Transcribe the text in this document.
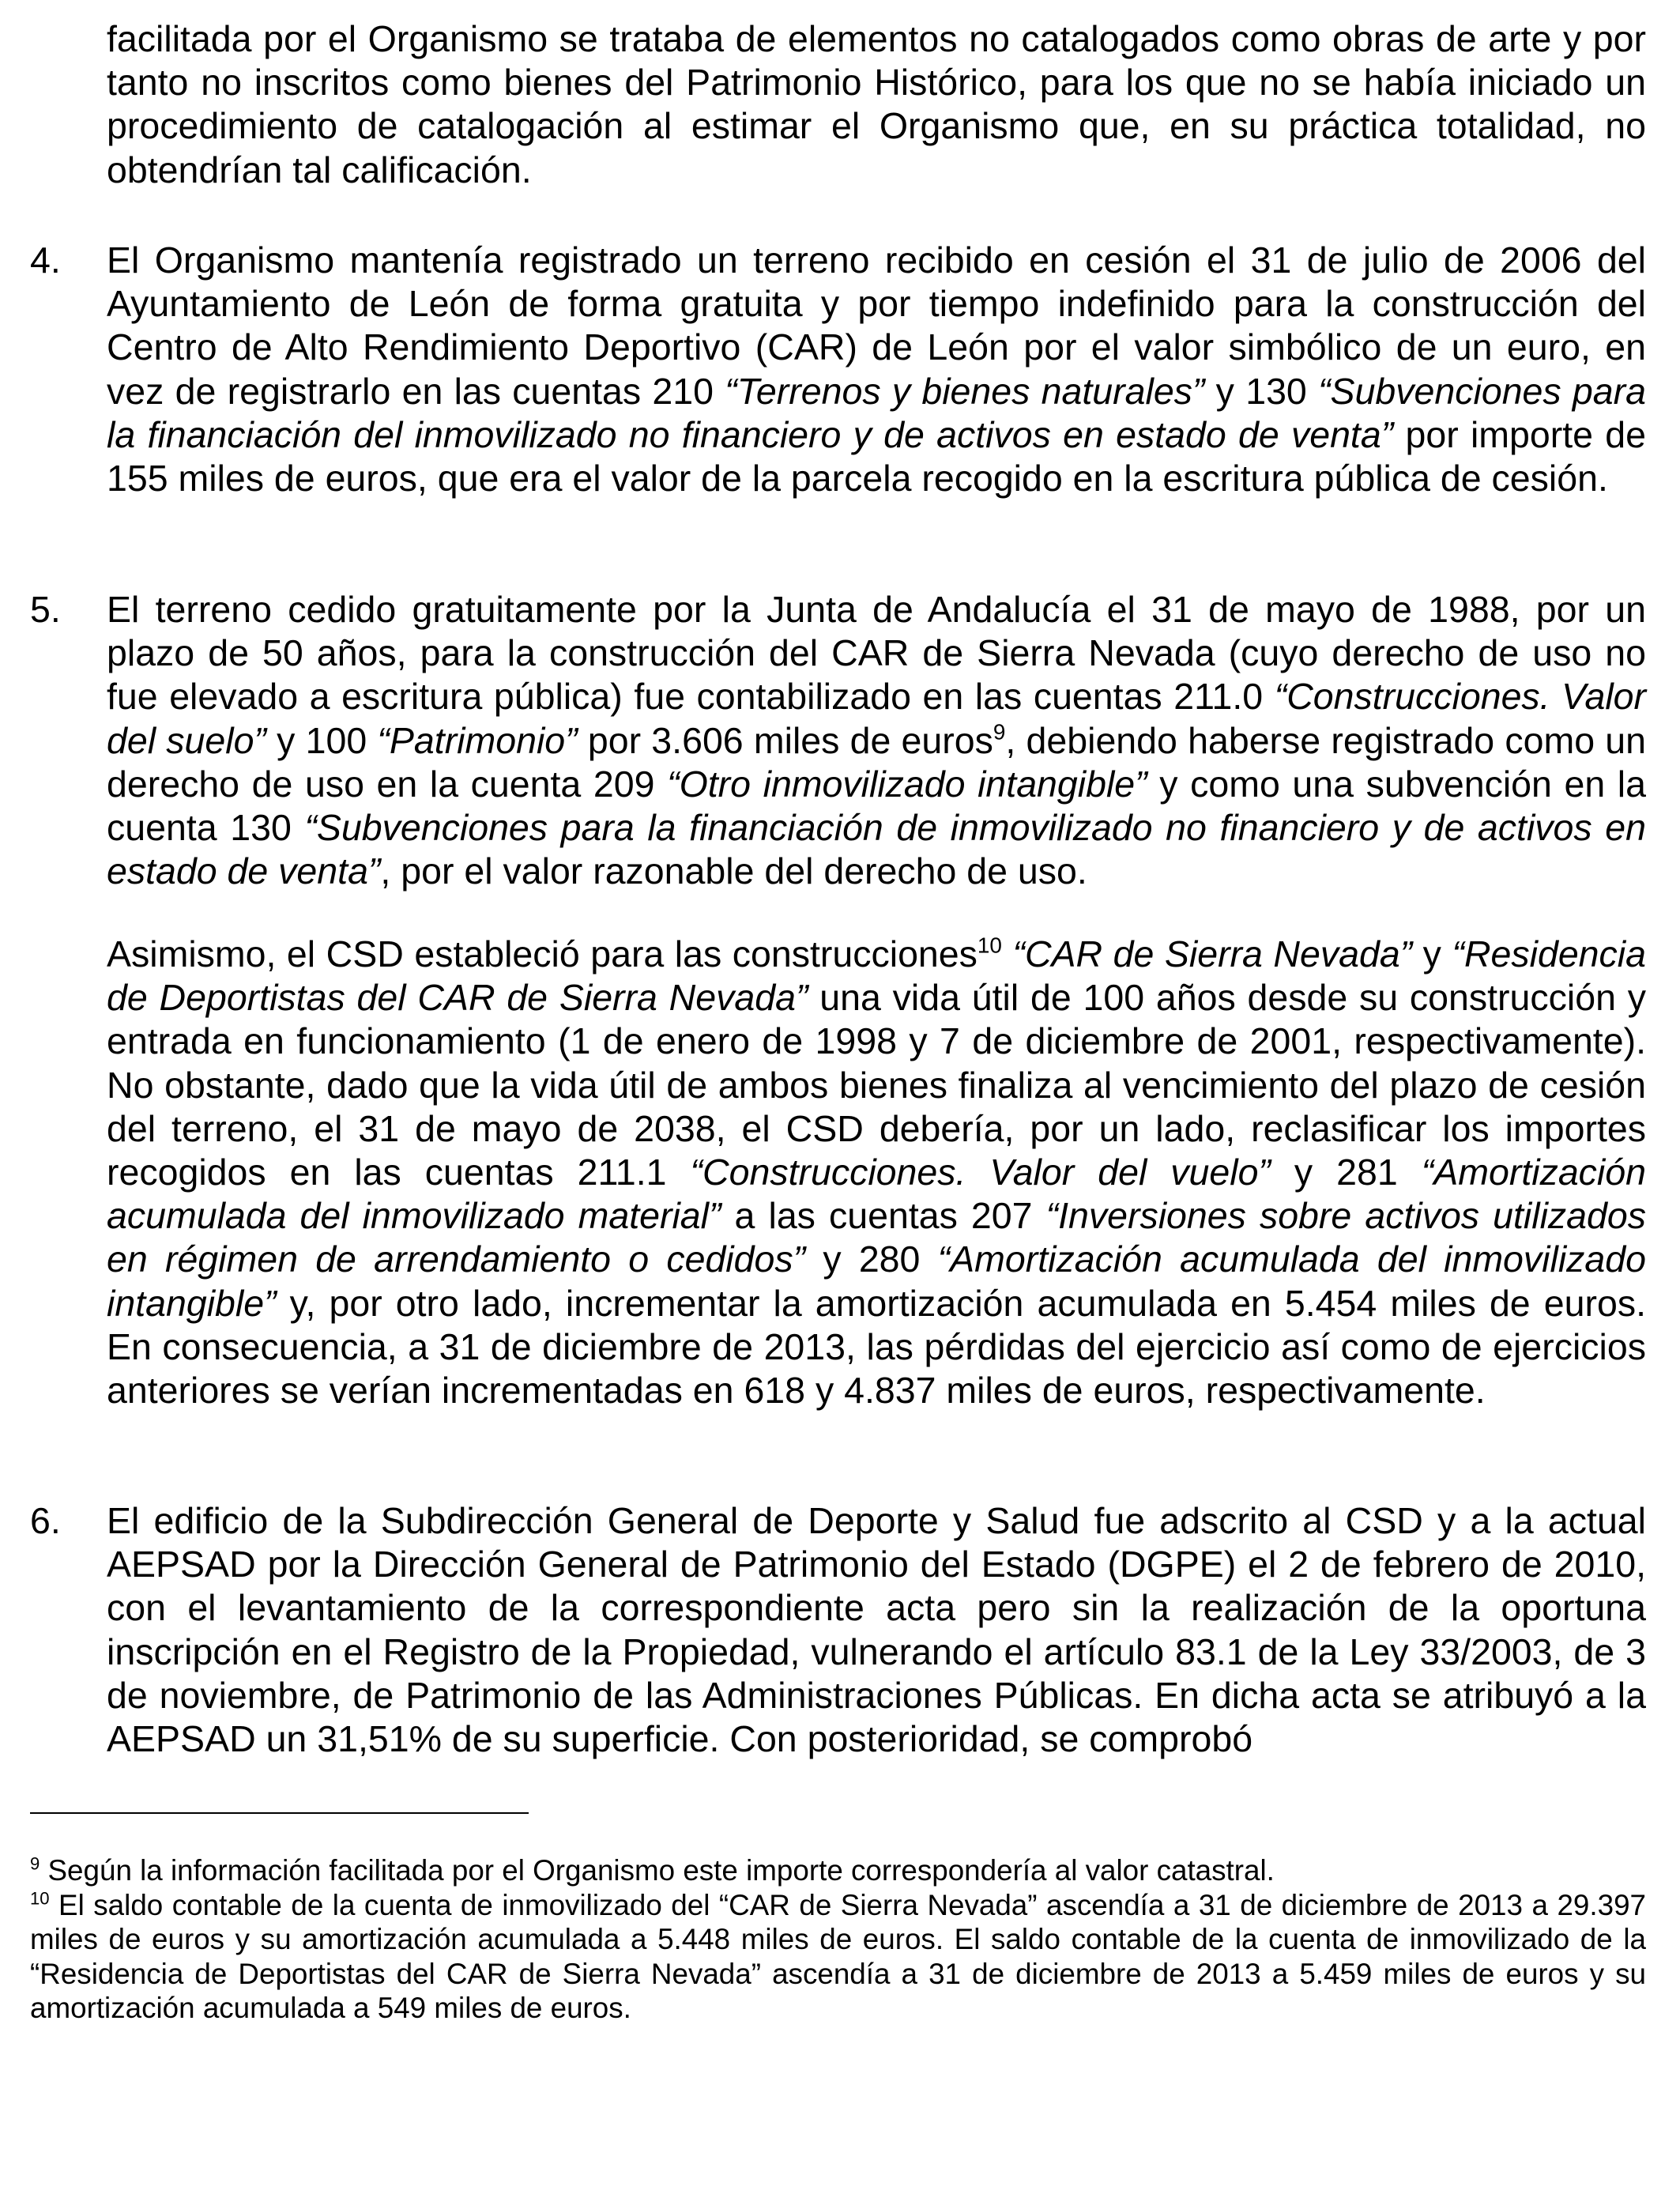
facilitada por el Organismo se trataba de elementos no catalogados como obras de arte y por tanto no inscritos como bienes del Patrimonio Histórico, para los que no se había iniciado un procedimiento de catalogación al estimar el Organismo que, en su práctica totalidad, no obtendrían tal calificación.

4. El Organismo mantenía registrado un terreno recibido en cesión el 31 de julio de 2006 del Ayuntamiento de León de forma gratuita y por tiempo indefinido para la construcción del Centro de Alto Rendimiento Deportivo (CAR) de León por el valor simbólico de un euro, en vez de registrarlo en las cuentas 210 “Terrenos y bienes naturales” y 130 “Subvenciones para la financiación del inmovilizado no financiero y de activos en estado de venta” por importe de 155 miles de euros, que era el valor de la parcela recogido en la escritura pública de cesión.

5. El terreno cedido gratuitamente por la Junta de Andalucía el 31 de mayo de 1988, por un plazo de 50 años, para la construcción del CAR de Sierra Nevada (cuyo derecho de uso no fue elevado a escritura pública) fue contabilizado en las cuentas 211.0 “Construcciones. Valor del suelo” y 100 “Patrimonio” por 3.606 miles de euros$^9$, debiendo haberse registrado como un derecho de uso en la cuenta 209 “Otro inmovilizado intangible” y como una subvención en la cuenta 130 “Subvenciones para la financiación de inmovilizado no financiero y de activos en estado de venta”, por el valor razonable del derecho de uso.

Asimismo, el CSD estableció para las construcciones$^{10}$ “CAR de Sierra Nevada” y “Residencia de Deportistas del CAR de Sierra Nevada” una vida útil de 100 años desde su construcción y entrada en funcionamiento (1 de enero de 1998 y 7 de diciembre de 2001, respectivamente). No obstante, dado que la vida útil de ambos bienes finaliza al vencimiento del plazo de cesión del terreno, el 31 de mayo de 2038, el CSD debería, por un lado, reclasificar los importes recogidos en las cuentas 211.1 “Construcciones. Valor del vuelo” y 281 “Amortización acumulada del inmovilizado material” a las cuentas 207 “Inversiones sobre activos utilizados en régimen de arrendamiento o cedidos” y 280 “Amortización acumulada del inmovilizado intangible” y, por otro lado, incrementar la amortización acumulada en 5.454 miles de euros. En consecuencia, a 31 de diciembre de 2013, las pérdidas del ejercicio así como de ejercicios anteriores se verían incrementadas en 618 y 4.837 miles de euros, respectivamente.

6. El edificio de la Subdirección General de Deporte y Salud fue adscrito al CSD y a la actual AEPSAD por la Dirección General de Patrimonio del Estado (DGPE) el 2 de febrero de 2010, con el levantamiento de la correspondiente acta pero sin la realización de la oportuna inscripción en el Registro de la Propiedad, vulnerando el artículo 83.1 de la Ley 33/2003, de 3 de noviembre, de Patrimonio de las Administraciones Públicas. En dicha acta se atribuyó a la AEPSAD un 31,51% de su superficie. Con posterioridad, se comprobó

$^9$ Según la información facilitada por el Organismo este importe correspondería al valor catastral.

$^{10}$ El saldo contable de la cuenta de inmovilizado del “CAR de Sierra Nevada” ascendía a 31 de diciembre de 2013 a 29.397 miles de euros y su amortización acumulada a 5.448 miles de euros. El saldo contable de la cuenta de inmovilizado de la “Residencia de Deportistas del CAR de Sierra Nevada” ascendía a 31 de diciembre de 2013 a 5.459 miles de euros y su amortización acumulada a 549 miles de euros.
